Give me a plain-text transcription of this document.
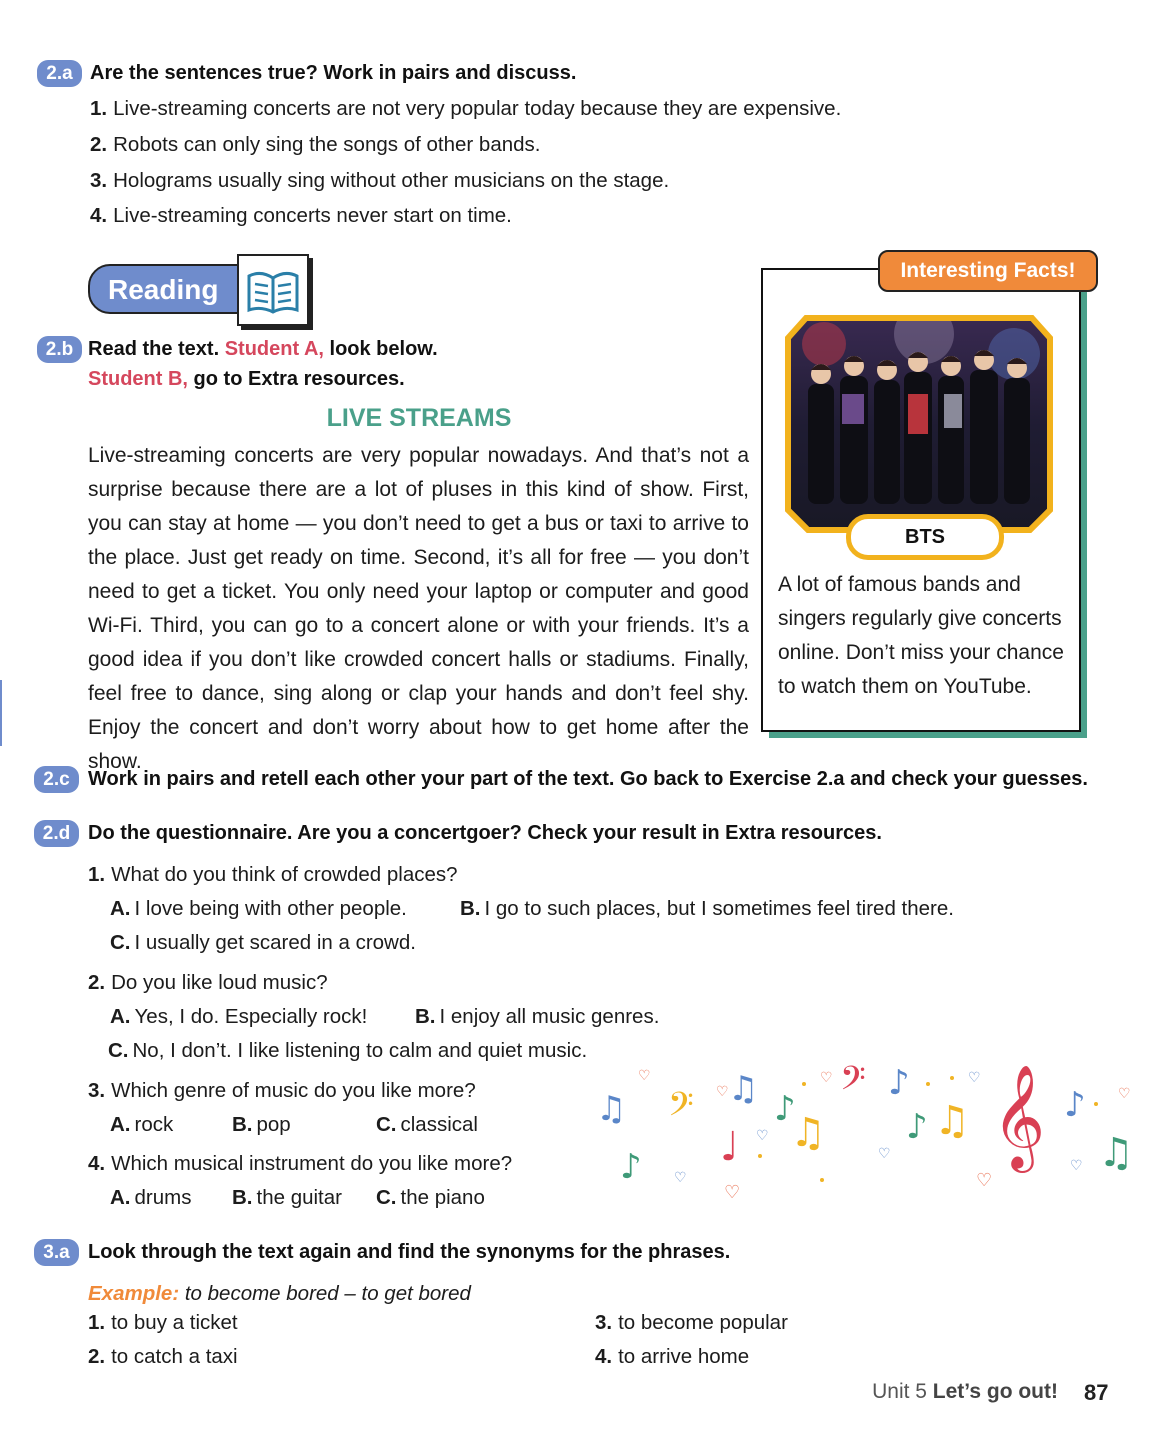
2.a Are the sentences true? Work in pairs and discuss.
1. Live-streaming concerts are not very popular today because they are expensive.
2. Robots can only sing the songs of other bands.
3. Holograms usually sing without other musicians on the stage.
4. Live-streaming concerts never start on time.
Reading
2.b Read the text. Student A, look below.
Student B, go to Extra resources.
LIVE STREAMS
Live-streaming concerts are very popular nowadays. And that’s not a surprise because there are a lot of pluses in this kind of show. First, you can stay at home — you don’t need to get a bus or taxi to arrive to the place. Just get ready on time. Second, it’s all for free — you don’t need to get a ticket. You only need your laptop or computer and good Wi-Fi. Third, you can go to a concert alone or with your friends. It’s a good idea if you don’t like crowded concert halls or stadiums. Finally, feel free to dance, sing along or clap your hands and don’t feel shy. Enjoy the concert and don’t worry about how to get home after the show.
Interesting Facts!
BTS
A lot of famous bands and singers regularly give concerts online. Don’t miss your chance to watch them on YouTube.
2.c Work in pairs and retell each other your part of the text. Go back to Exercise 2.a and check your guesses.
2.d Do the questionnaire. Are you a concertgoer? Check your result in Extra resources.
1. What do you think of crowded places?
A. I love being with other people.	B. I go to such places, but I sometimes feel tired there.
C. I usually get scared in a crowd.
2. Do you like loud music?
A. Yes, I do. Especially rock! B. I enjoy all music genres.
C. No, I don’t. I like listening to calm and quiet music.
3. Which genre of music do you like more?
A. rock	B. pop	C. classical
4. Which musical instrument do you like more?
A. drums B. the guitar C. the piano
♫
♪
𝄢
♩
♫ ♪
♫
𝄢 ♪
♪ ♫ 𝄞 ♪
♫
♡
♡
♡
♡
♡
♡
♡
♡
♡
♡
♡
3.a Look through the text again and find the synonyms for the phrases.
Example: to become bored – to get bored
1. to buy a ticket
2. to catch a taxi
3. to become popular
4. to arrive home
Unit 5 Let’s go out! 87
